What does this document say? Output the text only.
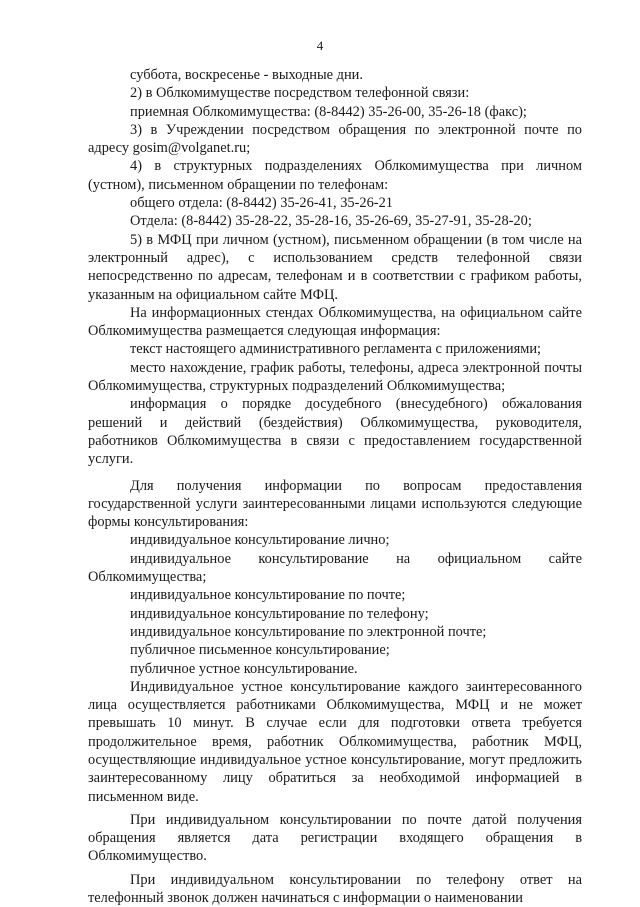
4

суббота, воскресенье - выходные дни.

2) в Облкомимуществе посредством телефонной связи:

приемная Облкомимущества: (8-8442) 35-26-00, 35-26-18 (факс);

3) в Учреждении посредством обращения по электронной почте по адресу gosim@volganet.ru;

4) в структурных подразделениях Облкомимущества при личном (устном), письменном обращении по телефонам:

общего отдела: (8-8442) 35-26-41, 35-26-21

Отдела: (8-8442) 35-28-22, 35-28-16, 35-26-69, 35-27-91, 35-28-20;

5) в МФЦ при личном (устном), письменном обращении (в том числе на электронный адрес), с использованием средств телефонной связи непосредственно по адресам, телефонам и в соответствии с графиком работы, указанным на официальном сайте МФЦ.

На информационных стендах Облкомимущества, на официальном сайте Облкомимущества размещается следующая информация:

текст настоящего административного регламента с приложениями;

место нахождение, график работы, телефоны, адреса электронной почты Облкомимущества, структурных подразделений Облкомимущества;

информация о порядке досудебного (внесудебного) обжалования решений и действий (бездействия) Облкомимущества, руководителя, работников Облкомимущества в связи с предоставлением государственной услуги.

Для получения информации по вопросам предоставления государственной услуги заинтересованными лицами используются следующие формы консультирования:

индивидуальное консультирование лично;

индивидуальное консультирование на официальном сайте Облкомимущества;

индивидуальное консультирование по почте;

индивидуальное консультирование по телефону;

индивидуальное консультирование по электронной почте;

публичное письменное консультирование;

публичное устное консультирование.

Индивидуальное устное консультирование каждого заинтересованного лица осуществляется работниками Облкомимущества, МФЦ и не может превышать 10 минут. В случае если для подготовки ответа требуется продолжительное время, работник Облкомимущества, работник МФЦ, осуществляющие индивидуальное устное консультирование, могут предложить заинтересованному лицу обратиться за необходимой информацией в письменном виде.

При индивидуальном консультировании по почте датой получения обращения является дата регистрации входящего обращения в Облкомимущество.

При индивидуальном консультировании по телефону ответ на телефонный звонок должен начинаться с информации о наименовании
